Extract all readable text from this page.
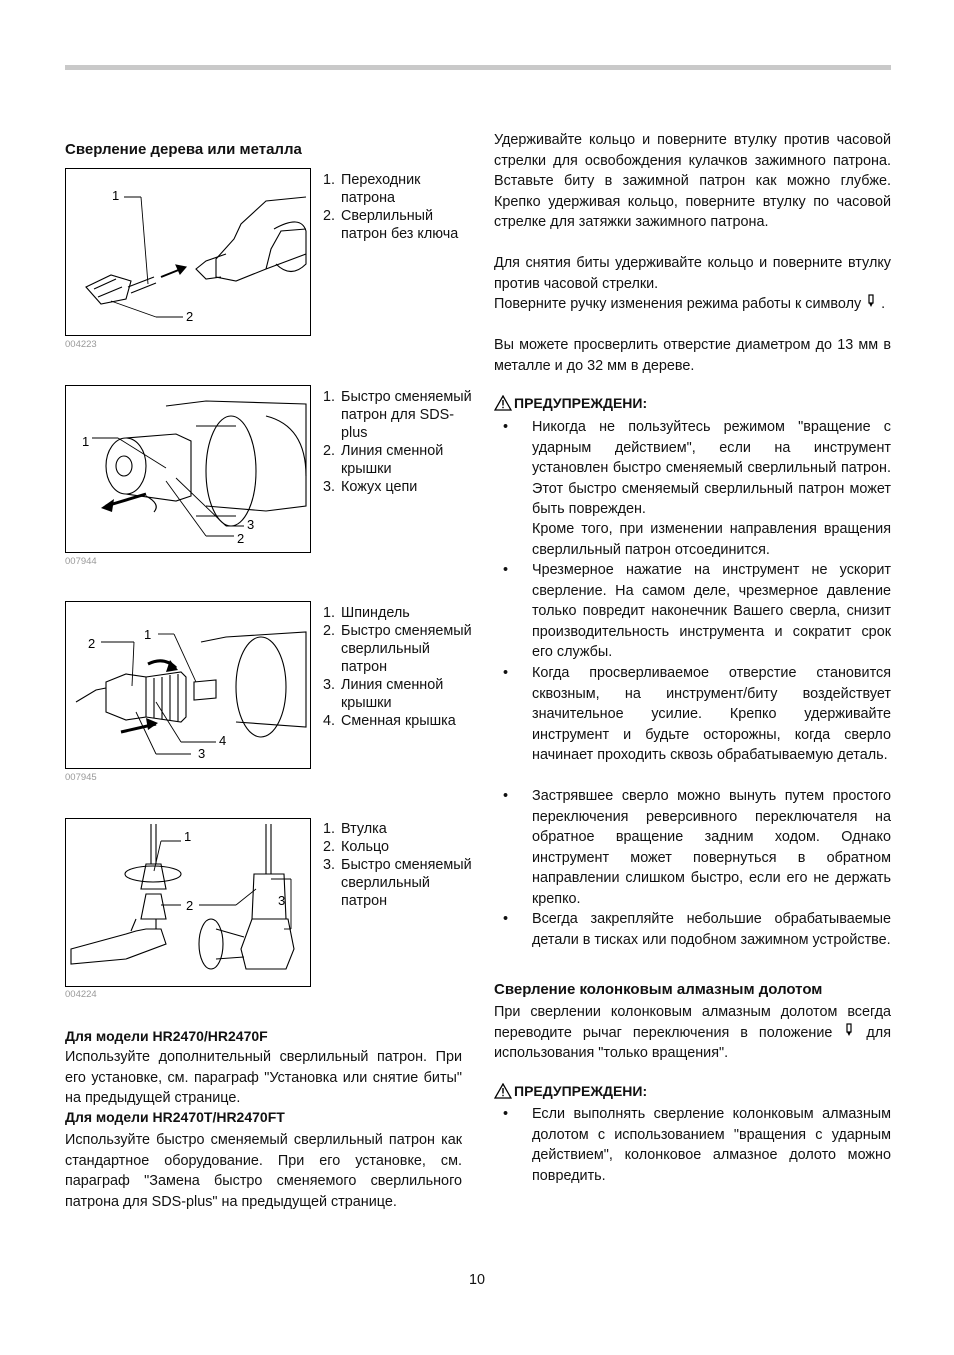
Сверление дерева или металла
1
2
004223
1. Переходник патрона
2. Сверлильный патрон без ключа
1
3
2
007944
1. Быстро сменяемый патрон для SDS-plus
2. Линия сменной крышки
3. Кожух цепи
2
1
4
3
007945
1. Шпиндель
2. Быстро сменяемый сверлильный патрон
3. Линия сменной крышки
4. Сменная крышка
1
2	3
004224
1. Втулка
2. Кольцо
3. Быстро сменяемый сверлильный патрон
Для модели HR2470/HR2470F
Используйте дополнительный сверлильный патрон. При его установке, см. параграф "Установка или снятие биты" на предыдущей странице.
Для модели HR2470T/HR2470FT
Используйте быстро сменяемый сверлильный патрон как стандартное оборудование. При его установке, см. параграф "Замена быстро сменяемого сверлильного патрона для SDS-plus" на предыдущей странице.
Удерживайте кольцо и поверните втулку против часовой стрелки для освобождения кулачков зажимного патрона. Вставьте биту в зажимной патрон как можно глубже. Крепко удерживая кольцо, поверните втулку по часовой стрелке для затяжки зажимного патрона.
Для снятия биты удерживайте кольцо и поверните втулку против часовой стрелки.
Поверните ручку изменения режима работы к символу .
Вы можете просверлить отверстие диаметром до 13 мм в металле и до 32 мм в дереве.
ПРЕДУПРЕЖДЕНИ:
• Никогда не пользуйтесь режимом "вращение с ударным действием", если на инструмент установлен быстро сменяемый сверлильный патрон. Этот быстро сменяемый сверлильный патрон может быть поврежден.
Кроме того, при изменении направления вращения сверлильный патрон отсоединится.
• Чрезмерное нажатие на инструмент не ускорит сверление. На самом деле, чрезмерное давление только повредит наконечник Вашего сверла, снизит производительность инструмента и сократит срок его службы.
• Когда просверливаемое отверстие становится сквозным, на инструмент/биту воздействует значительное усилие. Крепко удерживайте инструмент и будьте осторожны, когда сверло начинает проходить сквозь обрабатываемую деталь.
• Застрявшее сверло можно вынуть путем простого переключения реверсивного переключателя на обратное вращение задним ходом. Однако инструмент может повернуться в обратном направлении слишком быстро, если его не держать крепко.
• Всегда закрепляйте небольшие обрабатываемые детали в тисках или подобном зажимном устройстве.
Сверление колонковым алмазным долотом
При сверлении колонковым алмазным долотом всегда переводите рычаг переключения в положение для использования "только вращения".
ПРЕДУПРЕЖДЕНИ:
• Если выполнять сверление колонковым алмазным долотом с использованием "вращения с ударным действием", колонковое алмазное долото можно повредить.
10
